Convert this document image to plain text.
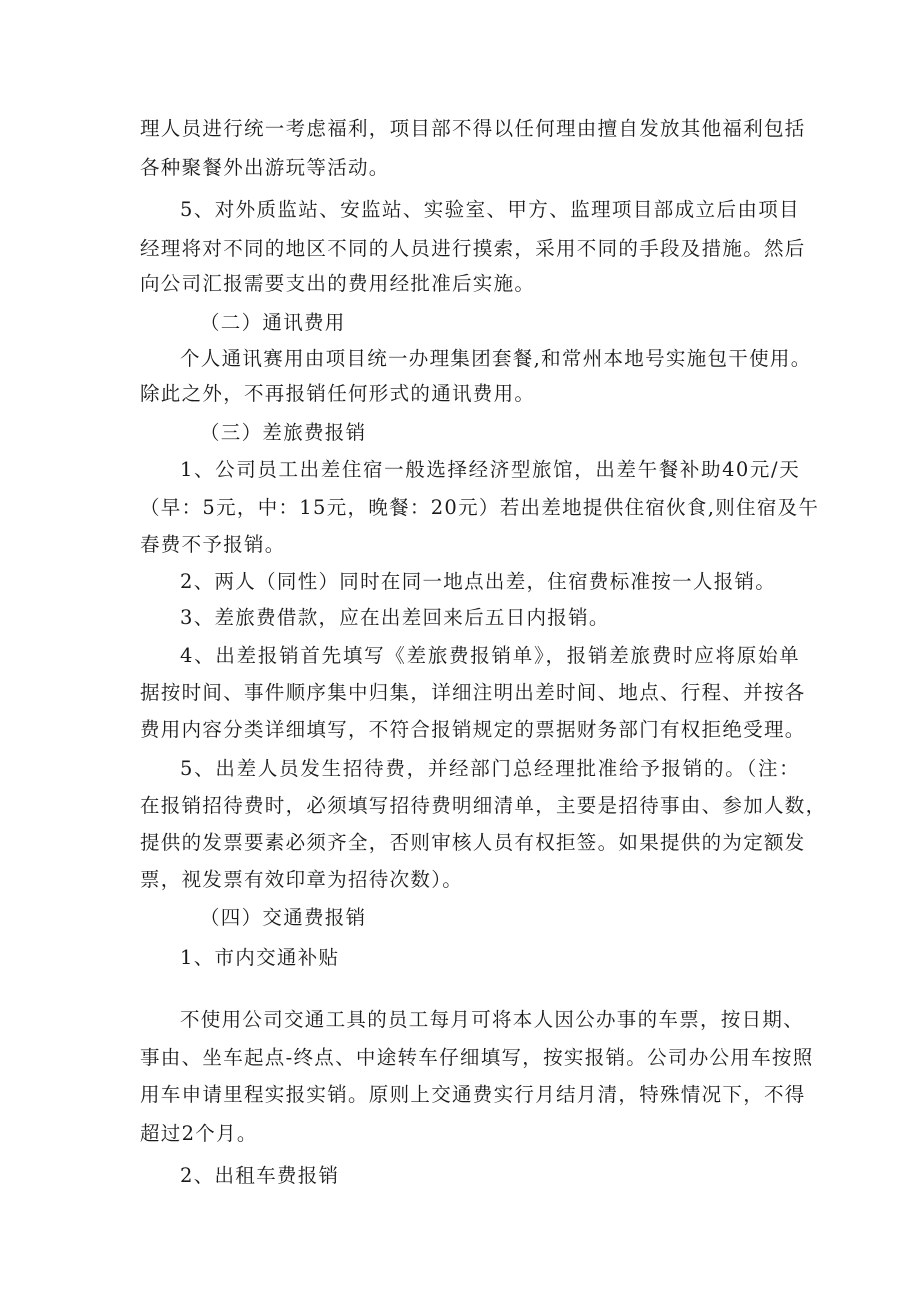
理人员进行统一考虑福利，项目部不得以任何理由擅自发放其他福利包括
各种聚餐外出游玩等活动。
5、对外质监站、安监站、实验室、甲方、监理项目部成立后由项目
经理将对不同的地区不同的人员进行摸索，采用不同的手段及措施。然后
向公司汇报需要支出的费用经批准后实施。
（二）通讯费用
个人通讯赛用由项目统一办理集团套餐,和常州本地号实施包干使用。
除此之外，不再报销任何形式的通讯费用。
（三）差旅费报销
1、公司员工出差住宿一般选择经济型旅馆，出差午餐补助40元/天
（早：5元，中：15元，晚餐：20元）若出差地提供住宿伙食,则住宿及午
春费不予报销。
2、两人（同性）同时在同一地点出差，住宿费标准按一人报销。
3、差旅费借款，应在出差回来后五日内报销。
4、出差报销首先填写《差旅费报销单》，报销差旅费时应将原始单
据按时间、事件顺序集中归集，详细注明出差时间、地点、行程、并按各
费用内容分类详细填写，不符合报销规定的票据财务部门有权拒绝受理。
5、出差人员发生招待费，并经部门总经理批准给予报销的。（注：
在报销招待费时，必须填写招待费明细清单，主要是招待事由、参加人数，
提供的发票要素必须齐全，否则审核人员有权拒签。如果提供的为定额发
票，视发票有效印章为招待次数）。
（四）交通费报销
1、市内交通补贴
不使用公司交通工具的员工每月可将本人因公办事的车票，按日期、
事由、坐车起点-终点、中途转车仔细填写，按实报销。公司办公用车按照
用车申请里程实报实销。原则上交通费实行月结月清，特殊情况下，不得
超过2个月。
2、出租车费报销
